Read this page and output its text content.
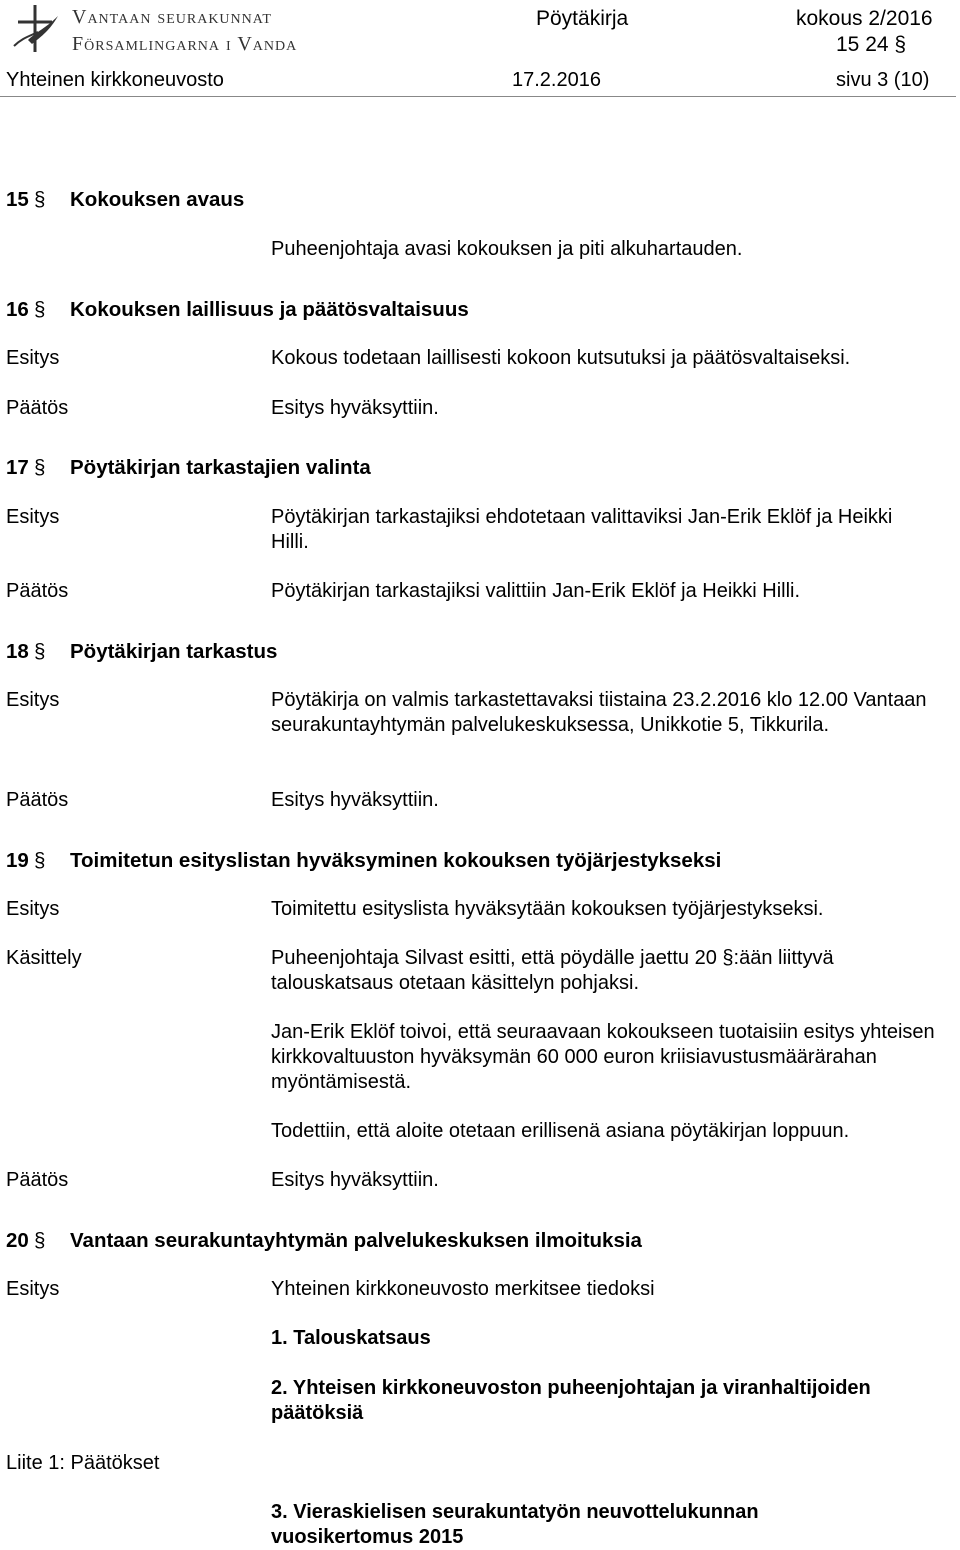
Vantaan seurakunnat
Församlingarna i Vanda
Pöytäkirja	kokous 2/2016
15 24 §
Yhteinen kirkkoneuvosto	17.2.2016	sivu 3 (10)
15 § Kokouksen avaus
Puheenjohtaja avasi kokouksen ja piti alkuhartauden.
16 § Kokouksen laillisuus ja päätösvaltaisuus
Esitys	Kokous todetaan laillisesti kokoon kutsutuksi ja päätösvaltaiseksi.
Päätös	Esitys hyväksyttiin.
17 § Pöytäkirjan tarkastajien valinta
Esitys	Pöytäkirjan tarkastajiksi ehdotetaan valittaviksi Jan-Erik Eklöf ja Heikki Hilli.
Päätös	Pöytäkirjan tarkastajiksi valittiin Jan-Erik Eklöf ja Heikki Hilli.
18 § Pöytäkirjan tarkastus
Esitys	Pöytäkirja on valmis tarkastettavaksi tiistaina 23.2.2016 klo 12.00 Vantaan seurakuntayhtymän palvelukeskuksessa, Unikkotie 5, Tikkurila.
Päätös	Esitys hyväksyttiin.
19 § Toimitetun esityslistan hyväksyminen kokouksen työjärjestykseksi
Esitys	Toimitettu esityslista hyväksytään kokouksen työjärjestykseksi.
Käsittely	Puheenjohtaja Silvast esitti, että pöydälle jaettu 20 §:ään liittyvä talouskatsaus otetaan käsittelyn pohjaksi.
Jan-Erik Eklöf toivoi, että seuraavaan kokoukseen tuotaisiin esitys yhteisen kirkkovaltuuston hyväksymän 60 000 euron kriisiavustusmäärärahan myöntämisestä.
Todettiin, että aloite otetaan erillisenä asiana pöytäkirjan loppuun.
Päätös	Esitys hyväksyttiin.
20 § Vantaan seurakuntayhtymän palvelukeskuksen ilmoituksia
Esitys	Yhteinen kirkkoneuvosto merkitsee tiedoksi
1. Talouskatsaus
2. Yhteisen kirkkoneuvoston puheenjohtajan ja viranhaltijoiden päätöksiä
Liite 1: Päätökset
3. Vieraskielisen seurakuntatyön neuvottelukunnan vuosikertomus 2015
